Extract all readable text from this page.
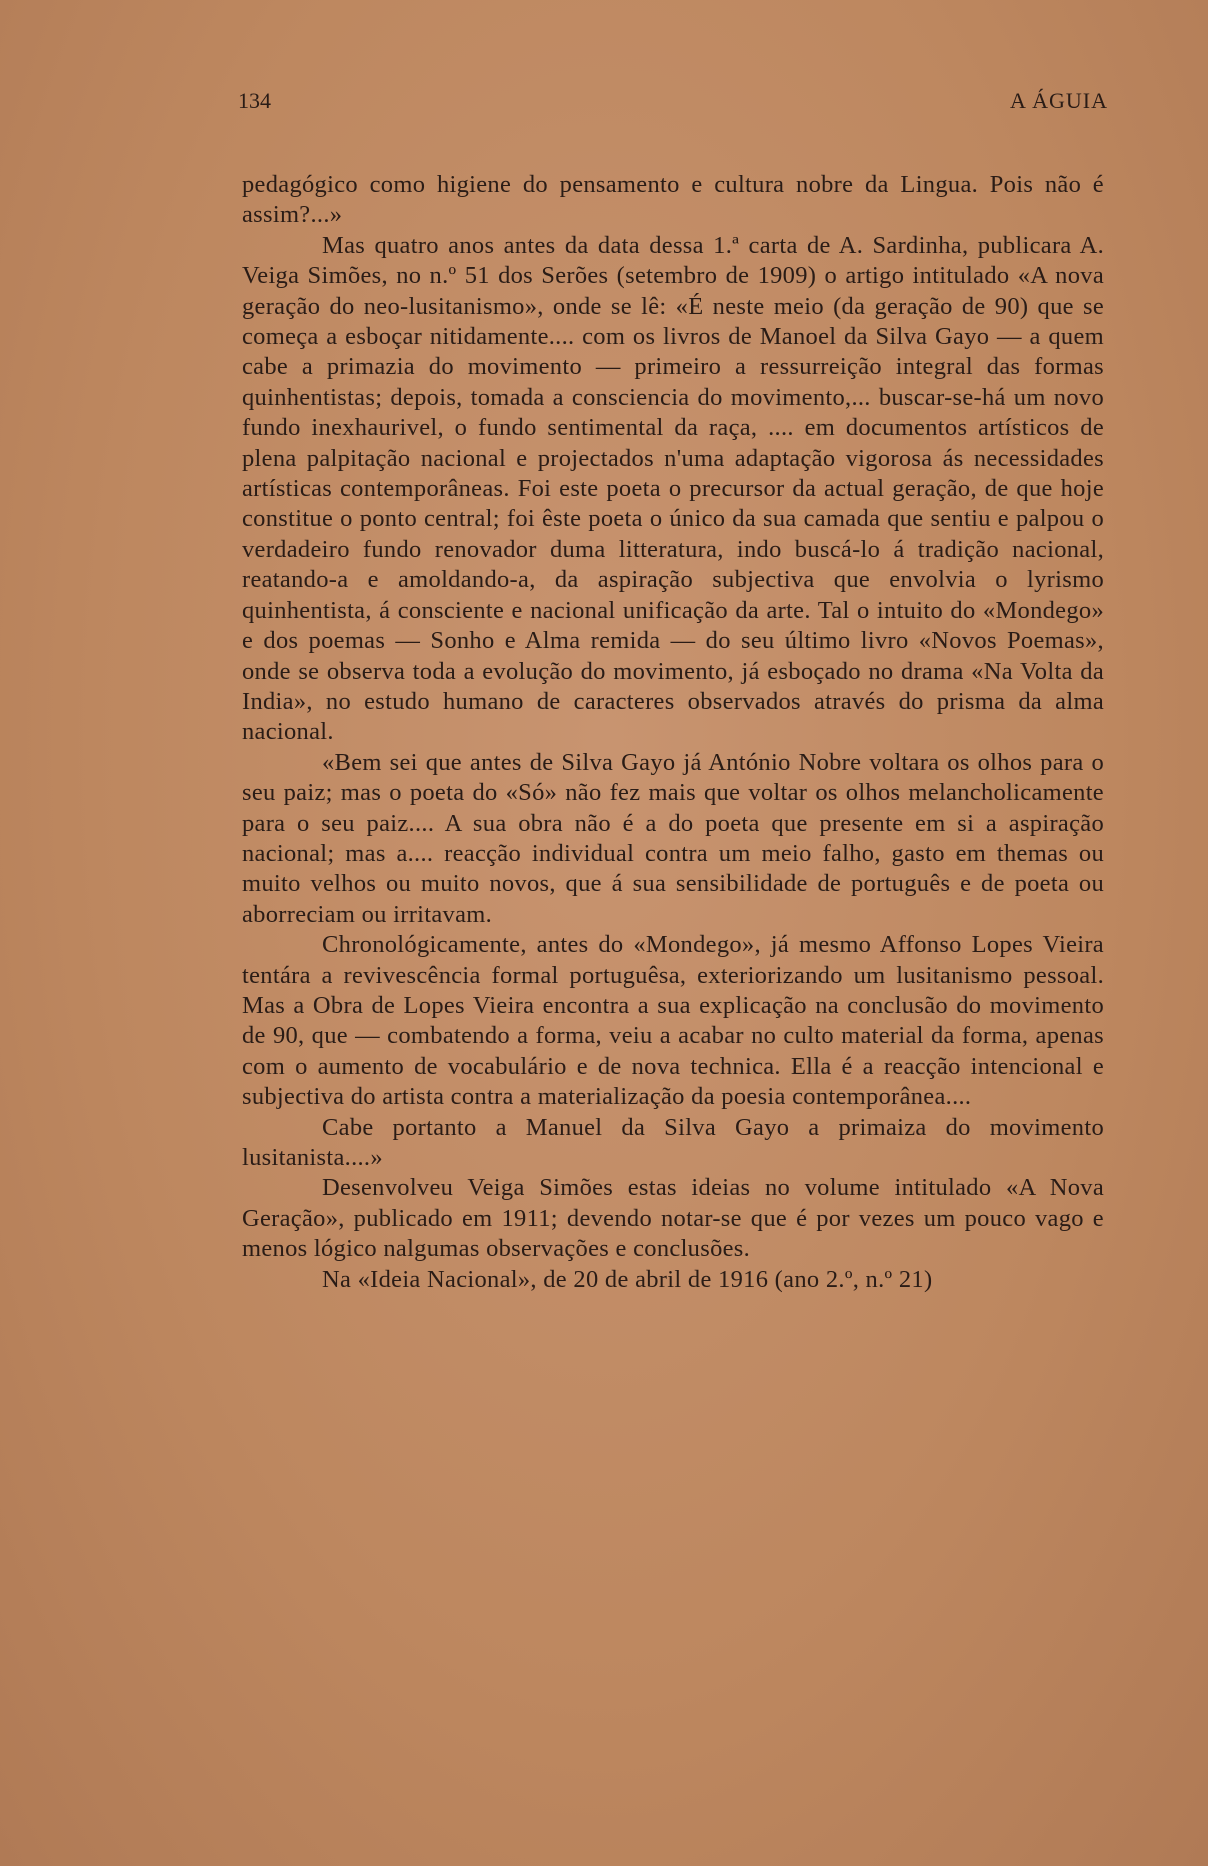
134	A ÁGUIA

pedagógico como higiene do pensamento e cultura nobre da Lingua. Pois não é assim?...»

Mas quatro anos antes da data dessa 1.ª carta de A. Sardinha, publicara A. Veiga Simões, no n.º 51 dos Serões (setembro de 1909) o artigo intitulado «A nova geração do neo-lusitanismo», onde se lê: «É neste meio (da geração de 90) que se começa a esboçar nitidamente.... com os livros de Manoel da Silva Gayo — a quem cabe a primazia do movimento — primeiro a ressurreição integral das formas quinhentistas; depois, tomada a consciencia do movimento,... buscar-se-há um novo fundo inexhaurivel, o fundo sentimental da raça, .... em documentos artísticos de plena palpitação nacional e projectados n'uma adaptação vigorosa ás necessidades artísticas contemporâneas. Foi este poeta o precursor da actual geração, de que hoje constitue o ponto central; foi êste poeta o único da sua camada que sentiu e palpou o verdadeiro fundo renovador duma litteratura, indo buscá-lo á tradição nacional, reatando-a e amoldando-a, da aspiração subjectiva que envolvia o lyrismo quinhentista, á consciente e nacional unificação da arte. Tal o intuito do «Mondego» e dos poemas — Sonho e Alma remida — do seu último livro «Novos Poemas», onde se observa toda a evolução do movimento, já esboçado no drama «Na Volta da India», no estudo humano de caracteres observados através do prisma da alma nacional.

«Bem sei que antes de Silva Gayo já António Nobre voltara os olhos para o seu paiz; mas o poeta do «Só» não fez mais que voltar os olhos melancholicamente para o seu paiz.... A sua obra não é a do poeta que presente em si a aspiração nacional; mas a.... reacção individual contra um meio falho, gasto em themas ou muito velhos ou muito novos, que á sua sensibilidade de português e de poeta ou aborreciam ou irritavam.

Chronológicamente, antes do «Mondego», já mesmo Affonso Lopes Vieira tentára a revivescência formal portuguêsa, exteriorizando um lusitanismo pessoal. Mas a Obra de Lopes Vieira encontra a sua explicação na conclusão do movimento de 90, que — combatendo a forma, veiu a acabar no culto material da forma, apenas com o aumento de vocabulário e de nova technica. Ella é a reacção intencional e subjectiva do artista contra a materialização da poesia contemporânea....

Cabe portanto a Manuel da Silva Gayo a primaiza do movimento lusitanista....»

Desenvolveu Veiga Simões estas ideias no volume intitulado «A Nova Geração», publicado em 1911; devendo notar-se que é por vezes um pouco vago e menos lógico nalgumas observações e conclusões.

Na «Ideia Nacional», de 20 de abril de 1916 (ano 2.º, n.º 21)
